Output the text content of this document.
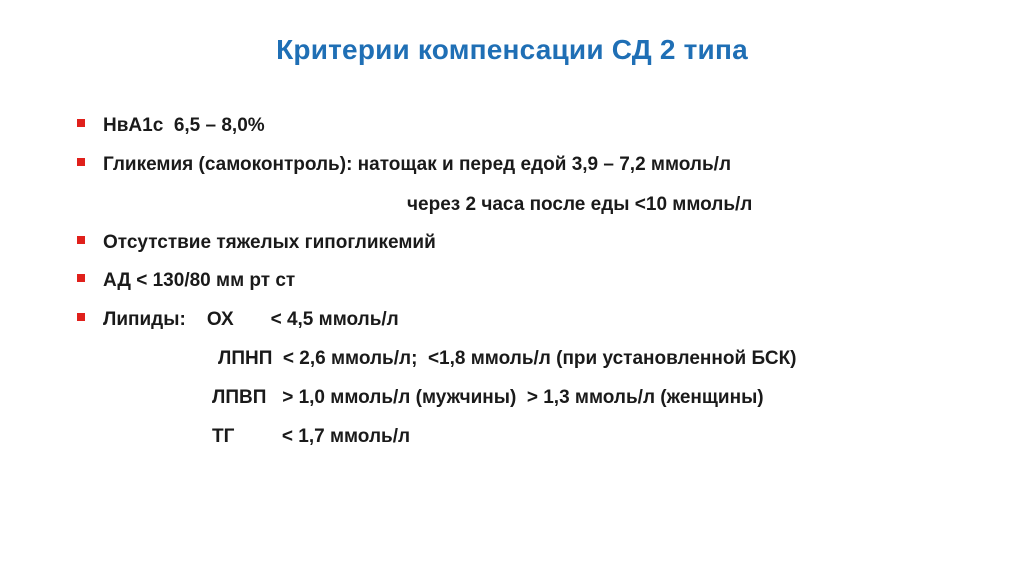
Критерии компенсации СД 2 типа
НвА1с  6,5 – 8,0%
Гликемия (самоконтроль): натощак и перед едой 3,9 – 7,2 ммоль/л
через 2 часа после еды <10 ммоль/л
Отсутствие тяжелых гипогликемий
АД < 130/80 мм рт ст
Липиды:    ОХ       < 4,5 ммоль/л
ЛПНП  < 2,6 ммоль/л;  <1,8 ммоль/л (при установленной БСК)
ЛПВП   > 1,0 ммоль/л (мужчины)  > 1,3 ммоль/л (женщины)
ТГ         < 1,7 ммоль/л
